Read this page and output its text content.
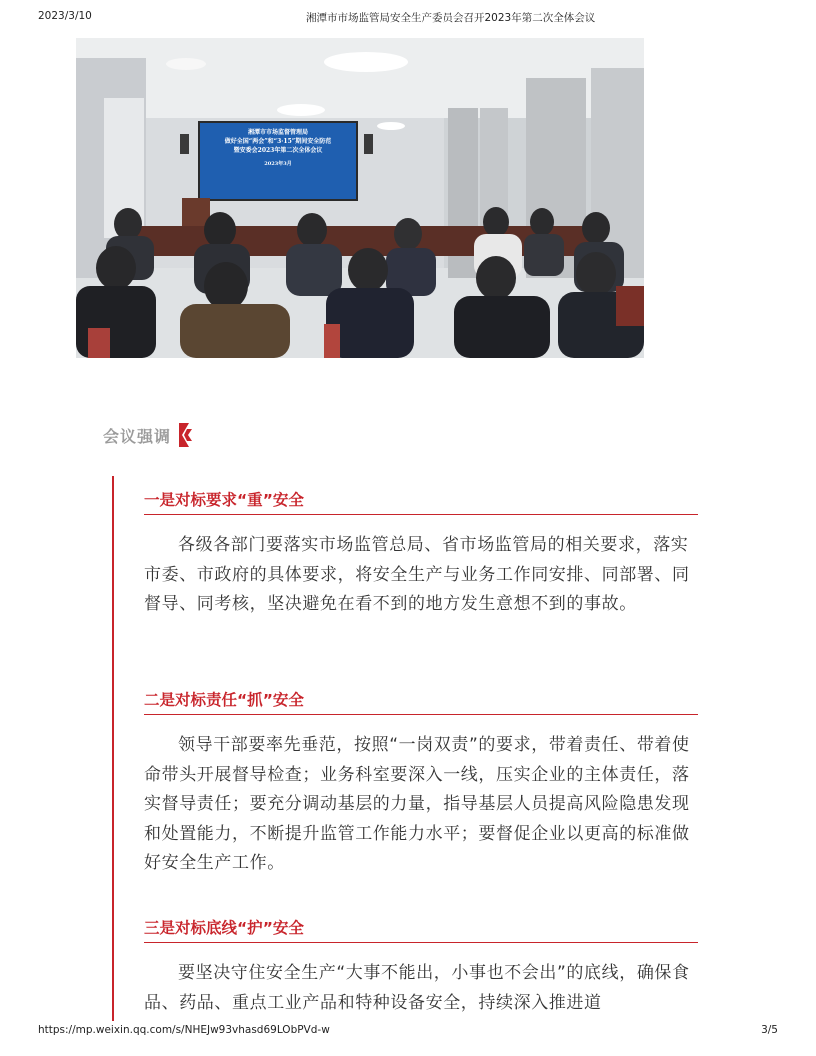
2023/3/10	湘潭市市场监管局安全生产委员会召开2023年第二次全体会议
湘潭市市场监督管理局
做好全国“两会”和“3·15”期间安全防范
暨安委会2023年第二次全体会议
2023年3月
会议强调
一是对标要求“重”安全
各级各部门要落实市场监管总局、省市场监管局的相关要求，落实市委、市政府的具体要求，将安全生产与业务工作同安排、同部署、同督导、同考核，坚决避免在看不到的地方发生意想不到的事故。
二是对标责任“抓”安全
领导干部要率先垂范，按照“一岗双责”的要求，带着责任、带着使命带头开展督导检查；业务科室要深入一线，压实企业的主体责任，落实督导责任；要充分调动基层的力量，指导基层人员提高风险隐患发现和处置能力，不断提升监管工作能力水平；要督促企业以更高的标准做好安全生产工作。
三是对标底线“护”安全
要坚决守住安全生产“大事不能出，小事也不会出”的底线，确保食品、药品、重点工业产品和特种设备安全，持续深入推进道
https://mp.weixin.qq.com/s/NHEJw93vhasd69LObPVd-w	3/5
